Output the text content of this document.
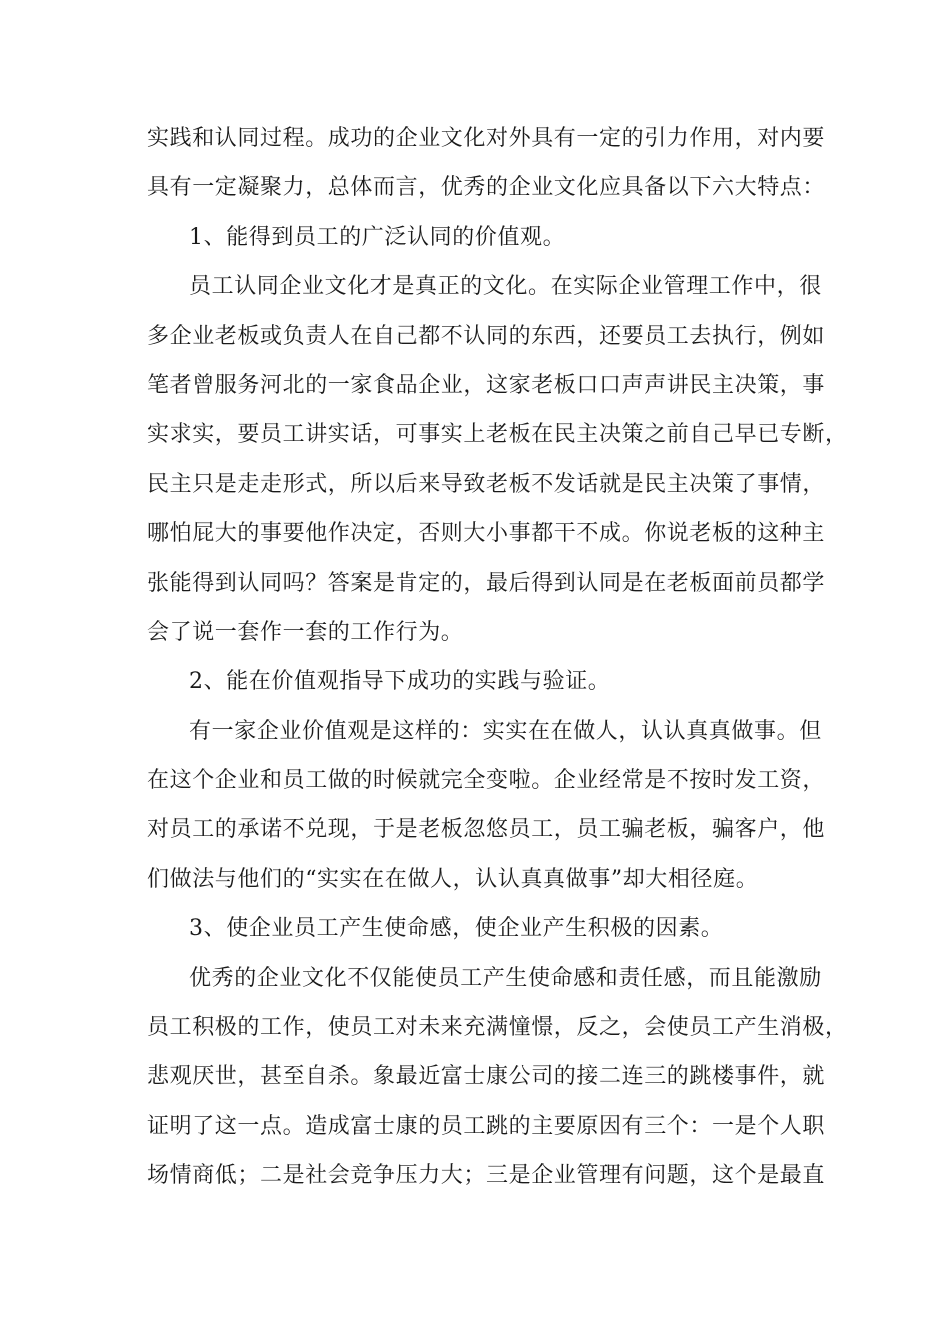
实践和认同过程。成功的企业文化对外具有一定的引力作用，对内要
具有一定凝聚力，总体而言，优秀的企业文化应具备以下六大特点：
1、能得到员工的广泛认同的价值观。
员工认同企业文化才是真正的文化。在实际企业管理工作中，很
多企业老板或负责人在自己都不认同的东西，还要员工去执行，例如
笔者曾服务河北的一家食品企业，这家老板口口声声讲民主决策，事
实求实，要员工讲实话，可事实上老板在民主决策之前自己早已专断，
民主只是走走形式，所以后来导致老板不发话就是民主决策了事情，
哪怕屁大的事要他作决定，否则大小事都干不成。你说老板的这种主
张能得到认同吗？答案是肯定的，最后得到认同是在老板面前员都学
会了说一套作一套的工作行为。
2、能在价值观指导下成功的实践与验证。
有一家企业价值观是这样的：实实在在做人，认认真真做事。但
在这个企业和员工做的时候就完全变啦。企业经常是不按时发工资，
对员工的承诺不兑现，于是老板忽悠员工，员工骗老板，骗客户，他
们做法与他们的“实实在在做人，认认真真做事”却大相径庭。
3、使企业员工产生使命感，使企业产生积极的因素。
优秀的企业文化不仅能使员工产生使命感和责任感，而且能激励
员工积极的工作，使员工对未来充满憧憬，反之，会使员工产生消极，
悲观厌世，甚至自杀。象最近富士康公司的接二连三的跳楼事件，就
证明了这一点。造成富士康的员工跳的主要原因有三个：一是个人职
场情商低；二是社会竞争压力大；三是企业管理有问题，这个是最直
